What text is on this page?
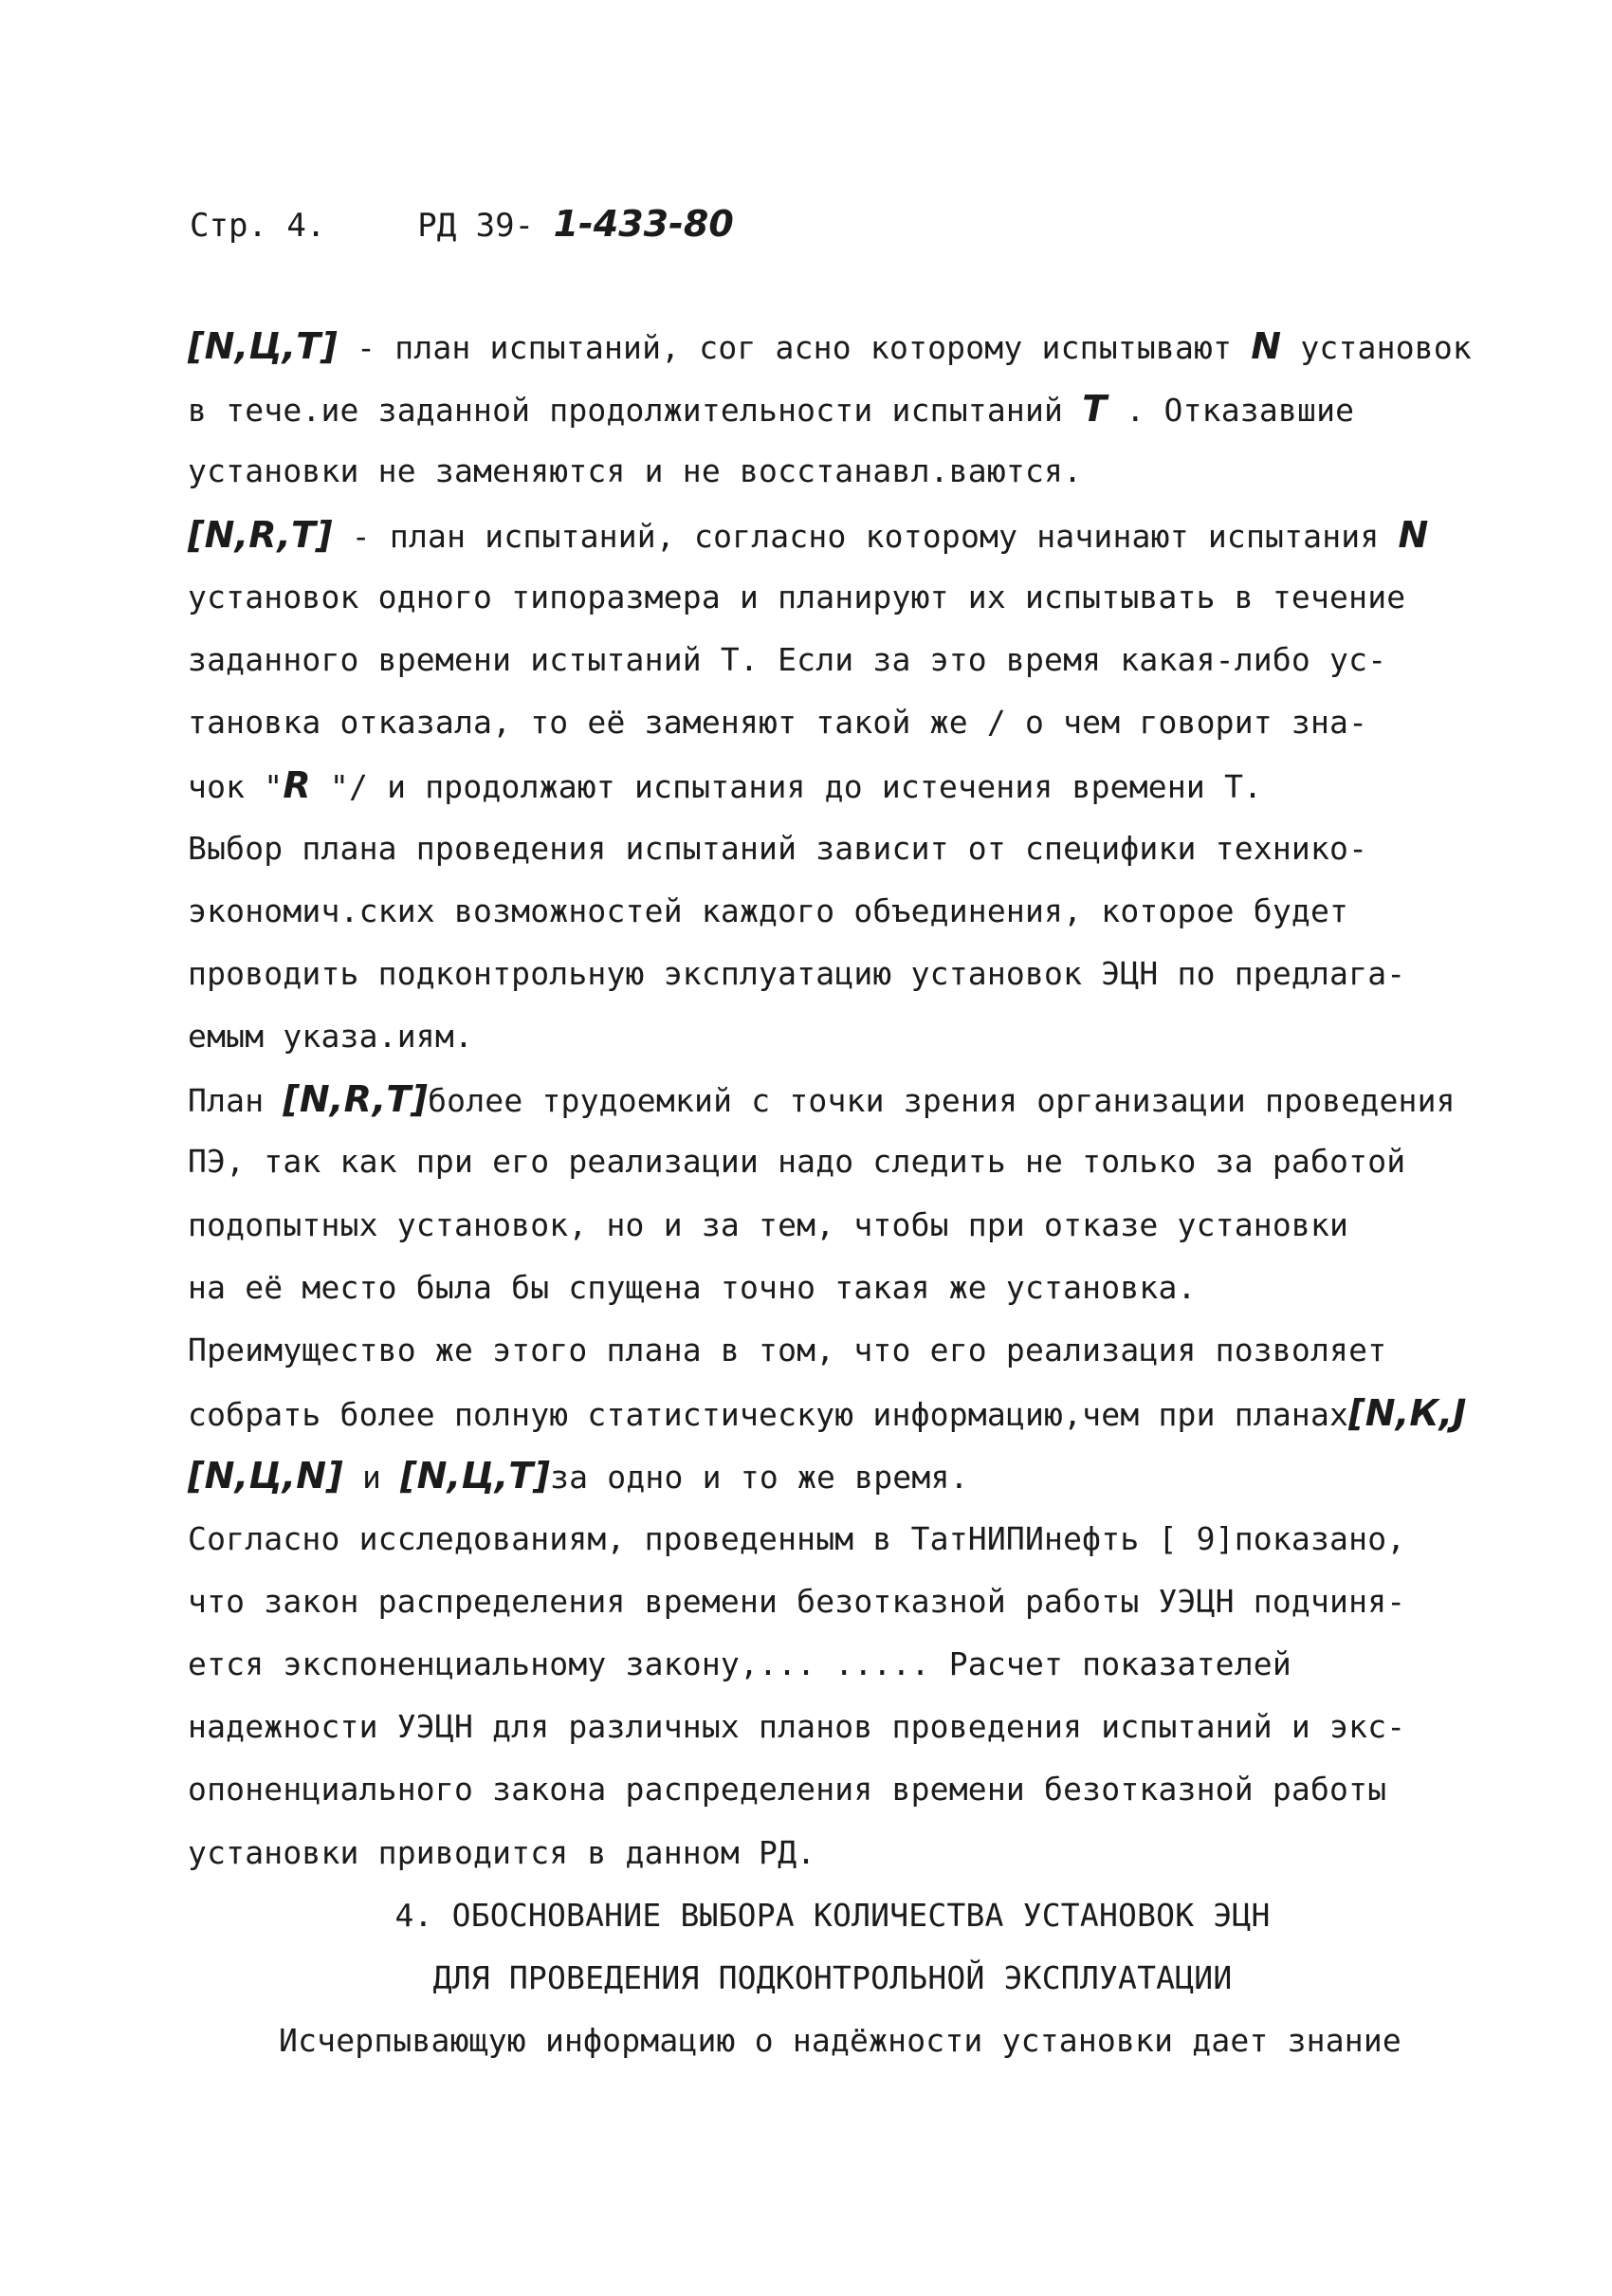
Стр. 4.	РД 39- 1-433-80
[N,Ц,T] - план испытаний, сог асно которому испытывают N установок
в тече.ие заданной продолжительности испытаний T . Отказавшие
установки не заменяются и не восстанавл.ваются.
[N,R,T] - план испытаний, согласно которому начинают испытания N
установок одного типоразмера и планируют их испытывать в течение
заданного времени истытаний Т. Если за это время какая-либо ус-
тановка отказала, то её заменяют такой же / о чем говорит зна-
чок "R "/ и продолжают испытания до истечения времени Т.
Выбор плана проведения испытаний зависит от специфики технико-
экономич.ских возможностей каждого объединения, которое будет
проводить подконтрольную эксплуатацию установок ЭЦН по предлага-
емым указа.иям.
План [N,R,T]более трудоемкий с точки зрения организации проведения
ПЭ, так как при его реализации надо следить не только за работой
подопытных установок, но и за тем, чтобы при отказе установки
на её место была бы спущена точно такая же установка.
Преимущество же этого плана в том, что его реализация позволяет
собрать более полную статистическую информацию,чем при планах[N,К,J
[N,Ц,N] и [N,Ц,T]за одно и то же время.
Согласно исследованиям, проведенным в ТатНИПИнефть [ 9]показано,
что закон распределения времени безотказной работы УЭЦН подчиня-
ется экспоненциальному закону,... ..... Расчет показателей
надежности УЭЦН для различных планов проведения испытаний и экс-
опоненциального закона распределения времени безотказной работы
установки приводится в данном РД.
4. ОБОСНОВАНИЕ ВЫБОРА КОЛИЧЕСТВА УСТАНОВОК ЭЦН
ДЛЯ ПРОВЕДЕНИЯ ПОДКОНТРОЛЬНОЙ ЭКСПЛУАТАЦИИ
Исчерпывающую информацию о надёжности установки дает знание
